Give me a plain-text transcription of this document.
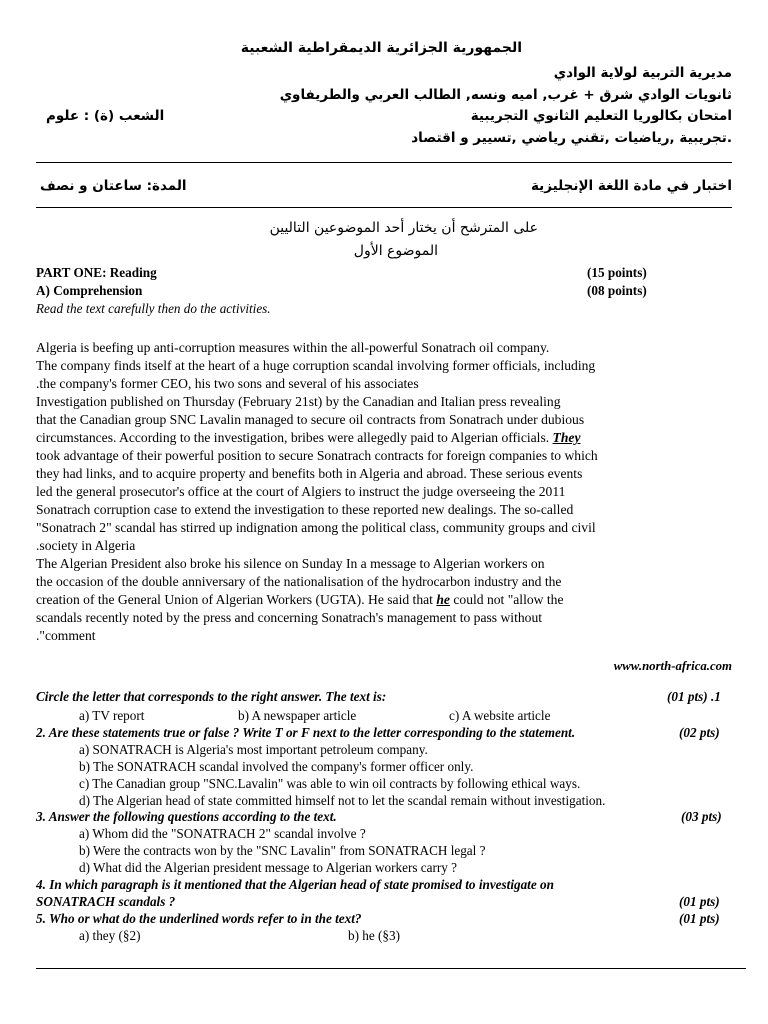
الجمهورية الجزائرية الديمقراطية الشعبية
مديرية التربية لولاية الوادي
ثانويات الوادي شرق + غرب, اميه ونسه, الطالب العربي والطريفاوي
امتحان بكالوريا التعليم الثانوي التجريبية
الشعب (ة) : علوم
.تجريبية ,رياضيات ,تقني رياضي ,تسيير و اقتصاد
اختبار في مادة اللغة الإنجليزية
المدة: ساعتان و نصف
على المترشح أن يختار أحد الموضوعين التاليين
الموضوع الأول
PART ONE: Reading	(15 points)
A) Comprehension	(08 points)
Read the text carefully then do the activities.
Algeria is beefing up anti-corruption measures within the all-powerful Sonatrach oil company.
The company finds itself at the heart of a huge corruption scandal involving former officials, including
.the company's former CEO, his two sons and several of his associates
Investigation published on Thursday (February 21st) by the Canadian and Italian press revealing
that the Canadian group SNC Lavalin managed to secure oil contracts from Sonatrach under dubious
circumstances. According to the investigation, bribes were allegedly paid to Algerian officials. They
took advantage of their powerful position to secure Sonatrach contracts for foreign companies to which
they had links, and to acquire property and benefits both in Algeria and abroad. These serious events
led the general prosecutor's office at the court of Algiers to instruct the judge overseeing the 2011
Sonatrach corruption case to extend the investigation to these reported new dealings. The so-called
"Sonatrach 2" scandal has stirred up indignation among the political class, community groups and civil
.society in Algeria
The Algerian President also broke his silence on Sunday In a message to Algerian workers on
the occasion of the double anniversary of the nationalisation of the hydrocarbon industry and the
creation of the General Union of Algerian Workers (UGTA). He said that he could not "allow the
scandals recently noted by the press and concerning Sonatrach's management to pass without
."comment
www.north-africa.com
Circle the letter that corresponds to the right answer. The text is:	(01 pts) .1
a) TV report	b) A newspaper article	c) A website article
2. Are these statements true or false ? Write T or F next to the letter corresponding to the statement.	(02 pts)
a) SONATRACH is Algeria's most important petroleum company.
b) The SONATRACH scandal involved the company's former officer only.
c) The Canadian group "SNC.Lavalin" was able to win oil contracts by following ethical ways.
d) The Algerian head of state committed himself not to let the scandal remain without investigation.
3. Answer the following questions according to the text.	(03 pts)
a) Whom did the "SONATRACH 2" scandal involve ?
b) Were the contracts won by the "SNC Lavalin" from SONATRACH legal ?
d) What did the Algerian president message to Algerian workers carry ?
4. In which paragraph is it mentioned that the Algerian head of state promised to investigate on
SONATRACH scandals ?	(01 pts)
5. Who or what do the underlined words refer to in the text?	(01 pts)
a) they (§2)	b) he (§3)
